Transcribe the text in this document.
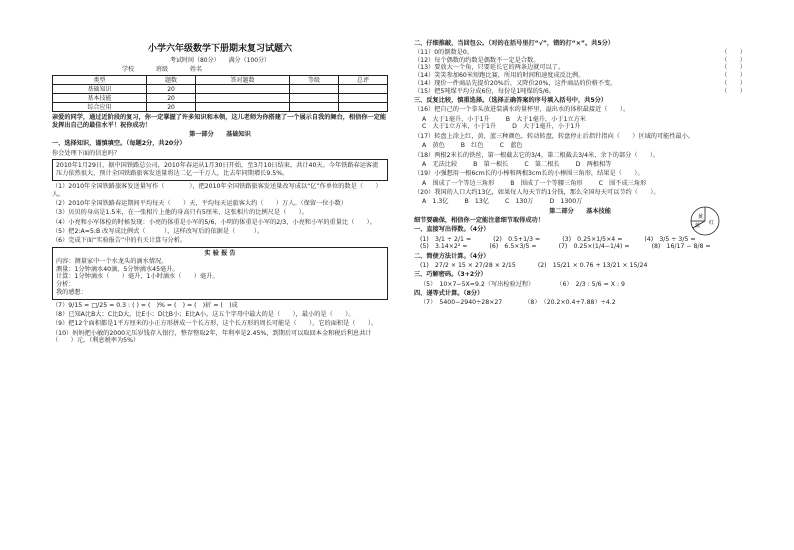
小学六年级数学下册期末复习试题六
考试时间（80分）　　满分（100分）
学校	班级	姓名
类型	题数	答对题数	等级	总评
基础知识	20			
基本技能	20			
综合应用	20			

亲爱的同学，通过近阶段的复习，你一定掌握了许多知识和本领，这儿老师为你搭建了一个展示自我的舞台，相信你一定能发挥出自己的最佳水平！祝你成功！

第一部分　　基础知识

一、选择知识，谨慎填空。（每题2分，共20分）

你会处理下面的信息吗？

2010年1月29日，据中国铁路总公司，2010年春运从1月30日开始，至3月10日结束，共计40天。今年铁路春运客流压力依然很大，预计全国铁路旅客发送量将达二亿一千万人，比去年同期增长9.5%。

（1）2010年全国铁路旅客发送量写作（　　　　），把2010年全国铁路旅客发送量改写成以“亿”作单位的数是（　　）人。

（2）2010年全国铁路春运期间平均每天（　　）天，平均每天运旅客大约（　　）万人。（保留一位小数）

（3）贝贝的身高是1.5米，在一张相片上他的身高只有5厘米，这张相片的比例尺是（　　）。

（4）小亮和小军体检的时候发现：小亮的体重是小军的5/6，小明的体重是小军的2/3，小亮和小军的重量比（　　）。

（5）把2:A=5:B 改写成比例式（　　　），这样改写后的依据是（　　　）。

（6）完成下面“实验报告”中的有关计算与分析。

实 验 报 告
内容：测量家中一个水龙头的滴水情况。
测量：1分钟滴水40滴，5分钟滴水45毫升。
计算：1分钟滴水（　　）毫升，1小时滴水（　　）毫升。
分析：
我的感想：

（7）9/15 = □/25 = 0.3 : ( ) = (　)% = (　) = (　)折 = (　)成

（8）已知A比B大；C比D大，比E小；D比B小；E比A小。这五个字母中最大的是（　　），最小的是（　　）。

（9）把12个面积都是1平方厘米的小正方形拼成一个长方形，这个长方形的周长可能是（　　），它的面积是（　　）。

（10）妈妈把小敏的2000元压岁钱存入银行，整存整取2年，年利率是2.45%，到期后可以取回本金和税后利息共计（　　）元。（利息税率为5%）

二、仔细推敲，当回包公。（对的在括号里打“√”，错的打“×”。共5分）

（11）0的倒数是0。	（　　）
（12）每个偶数的约数是偶数不一定是合数。	（　　）
（13）要放大一个角，只要延长它的两条边就可以了。	（　　）
（14）笑笑参加60米短跑比赛，所用的时间和速度成反比例。	（　　）
（14）现价一件商品先提价20%后，又降价20%，这件商品的价格不变。	（　　）
（15）把5吨煤平均分成6份，每份是1吨煤的5/6。	（　　）

三、反复比较，慎重选择。（选择正确答案的序号填入括号中，共5分）

（16）把自己的一个拳头放进装满水的量杯里，溢出水的体积最接近（　　）。

A　大于1毫升，小于1升	B　大于1毫升，小于1立方米
C　大于1立方米，小于1升	D　大于1毫升，小于1升

（17）转盘上涂上红，黄，蓝三种颜色，转动转盘，转盘停止后指针指向（　　）区域的可能性最小。

A　黄色	B　红色	C　蓝色

（18）两根2米长的铁丝，第一根截去它的3/4，第二根截去3/4米，余下的部分（　　）。

A　无法比较	B　第一根长	C　第二根长	D　两根相等

（19）小强想用一根6cm长的小棒和两根3cm长的小棒围三角形，结果是（　　）。

A　围成了一个等边三角形	B　围成了一个等腰三角形	C　围不成三角形

（20）我国的人口大约13亿，如果每人每天节约1分钱，那么全国每天可以节约（　　）。

A　1.3亿	B　13亿	C　130万	D　1300万

第二部分　　基本技能

细节要确保，相信你一定能注意细节取得成功！

一、直接写出得数。（4分）

(1)　3/1 ÷ 2/1 =	(2)　0.5+1/3 =	(3)　0.25×1/5×4 =	(4)　3/5 ÷ 3/5 =
(5)　3.14×2² =	(6)　6.5×3/5 =	(7)　0.25×(1/4−1/4) =	(8)　16/17 − 8/8 =

二、简便方法计算。（4分）

(1)　27/2 × 15 × 27/28 × 2/15	(2)　15/21 × 0.76 + 13/21 × 15/24

三、巧解密码。（3+2分）

（5）　10×7−5X=9.2（写出检验过程）	（6）　2/3 : 5/6 = X : 9

四、递等式计算。（8分）

（7）　5400−2940÷28×27	（8）　（20.2×0.4+7.88）÷4.2
黄
蓝 红
